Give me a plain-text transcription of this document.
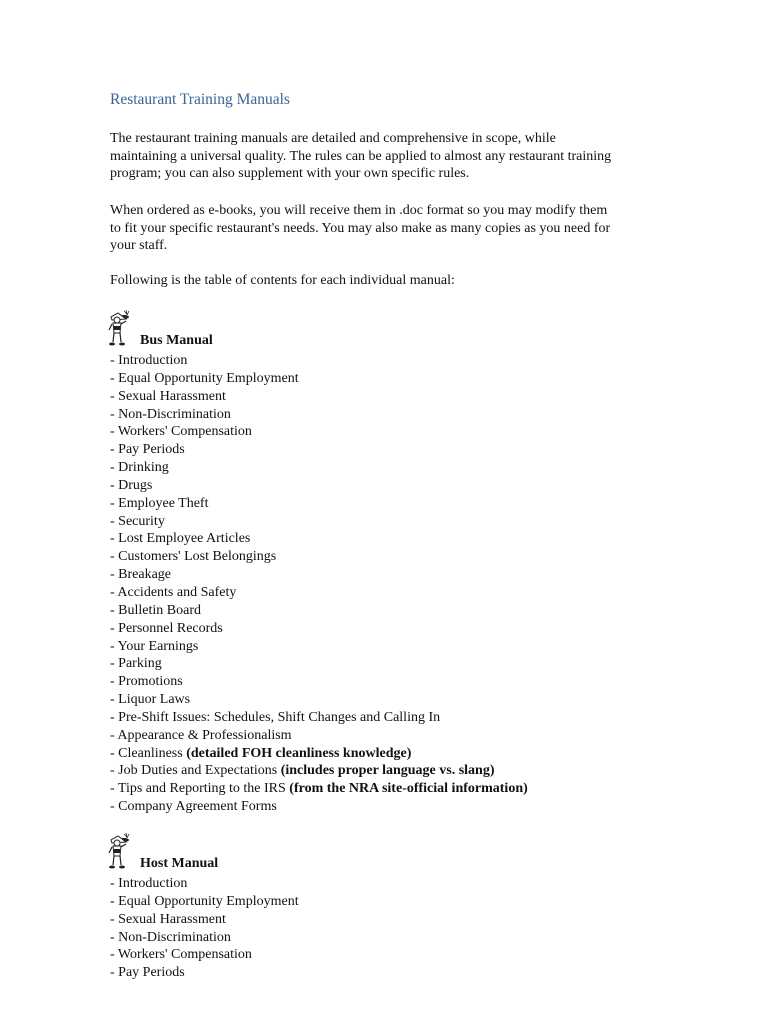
Restaurant Training Manuals

The restaurant training manuals are detailed and comprehensive in scope, while
maintaining a universal quality. The rules can be applied to almost any restaurant training
program; you can also supplement with your own specific rules.

When ordered as e-books, you will receive them in .doc format so you may modify them
to fit your specific restaurant's needs. You may also make as many copies as you need for
your staff.

Following is the table of contents for each individual manual:

Bus Manual
- Introduction
- Equal Opportunity Employment
- Sexual Harassment
- Non-Discrimination
- Workers' Compensation
- Pay Periods
- Drinking
- Drugs
- Employee Theft
- Security
- Lost Employee Articles
- Customers' Lost Belongings
- Breakage
- Accidents and Safety
- Bulletin Board
- Personnel Records
- Your Earnings
- Parking
- Promotions
- Liquor Laws
- Pre-Shift Issues: Schedules, Shift Changes and Calling In
- Appearance & Professionalism
- Cleanliness (detailed FOH cleanliness knowledge)
- Job Duties and Expectations (includes proper language vs. slang)
- Tips and Reporting to the IRS (from the NRA site-official information)
- Company Agreement Forms
Host Manual
- Introduction
- Equal Opportunity Employment
- Sexual Harassment
- Non-Discrimination
- Workers' Compensation
- Pay Periods
